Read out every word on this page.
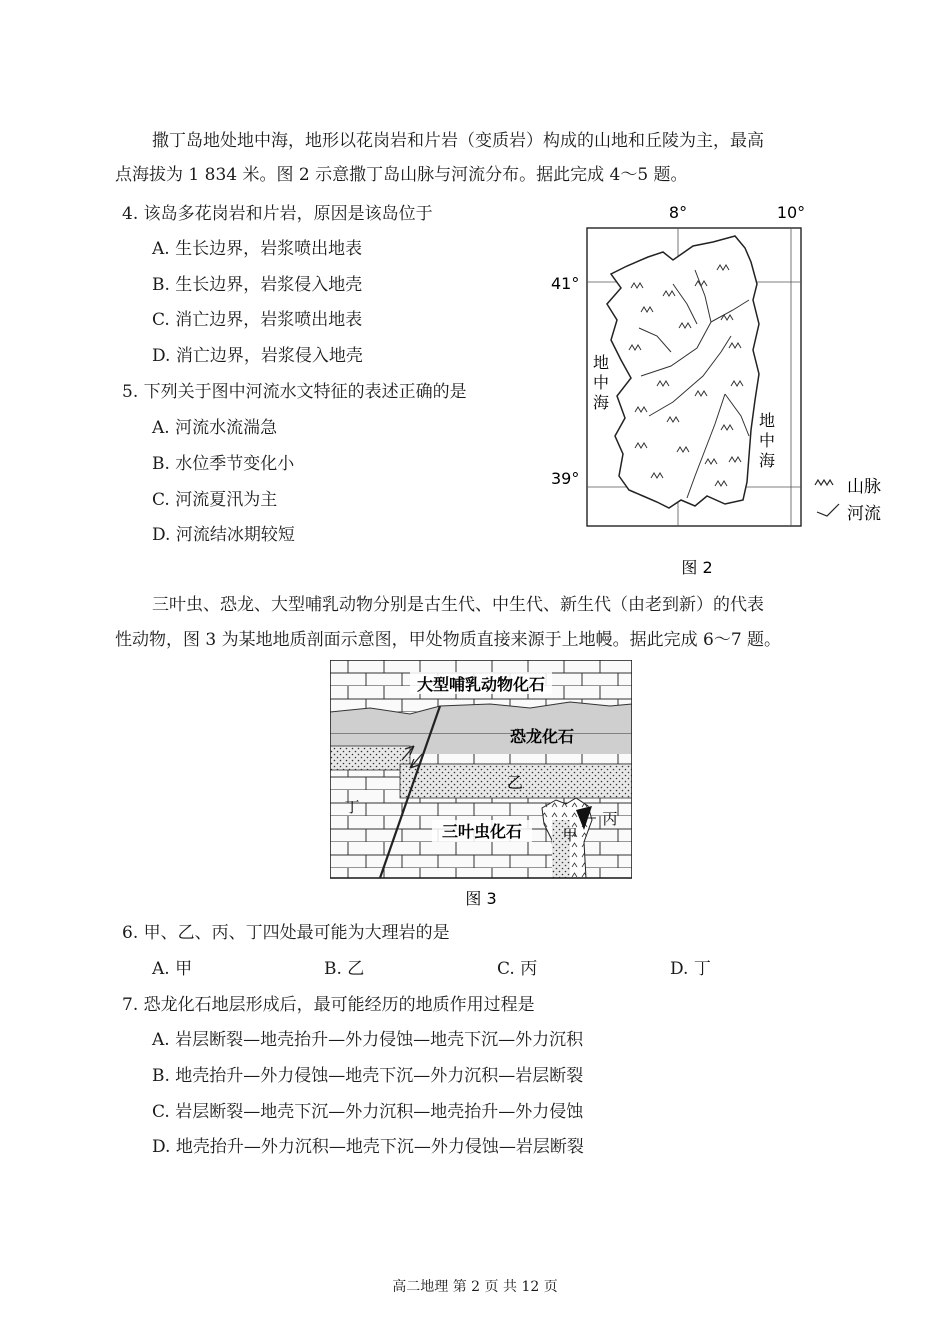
撒丁岛地处地中海，地形以花岗岩和片岩（变质岩）构成的山地和丘陵为主，最高
点海拔为 1 834 米。图 2 示意撒丁岛山脉与河流分布。据此完成 4～5 题。
4. 该岛多花岗岩和片岩，原因是该岛位于
A. 生长边界，岩浆喷出地表
B. 生长边界，岩浆侵入地壳
C. 消亡边界，岩浆喷出地表
D. 消亡边界，岩浆侵入地壳
5. 下列关于图中河流水文特征的表述正确的是
A. 河流水流湍急
B. 水位季节变化小
C. 河流夏汛为主
D. 河流结冰期较短
8°	10°
41°
39°
地中海
地中海
山脉
河流
图 2
三叶虫、恐龙、大型哺乳动物分别是古生代、中生代、新生代（由老到新）的代表
性动物，图 3 为某地地质剖面示意图，甲处物质直接来源于上地幔。据此完成 6～7 题。
大型哺乳动物化石
恐龙化石
乙
丁
三叶虫化石	甲
丙
图 3
6. 甲、乙、丙、丁四处最可能为大理岩的是
A. 甲	B. 乙	C. 丙	D. 丁
7. 恐龙化石地层形成后，最可能经历的地质作用过程是
A. 岩层断裂—地壳抬升—外力侵蚀—地壳下沉—外力沉积
B. 地壳抬升—外力侵蚀—地壳下沉—外力沉积—岩层断裂
C. 岩层断裂—地壳下沉—外力沉积—地壳抬升—外力侵蚀
D. 地壳抬升—外力沉积—地壳下沉—外力侵蚀—岩层断裂
高二地理 第 2 页 共 12 页
